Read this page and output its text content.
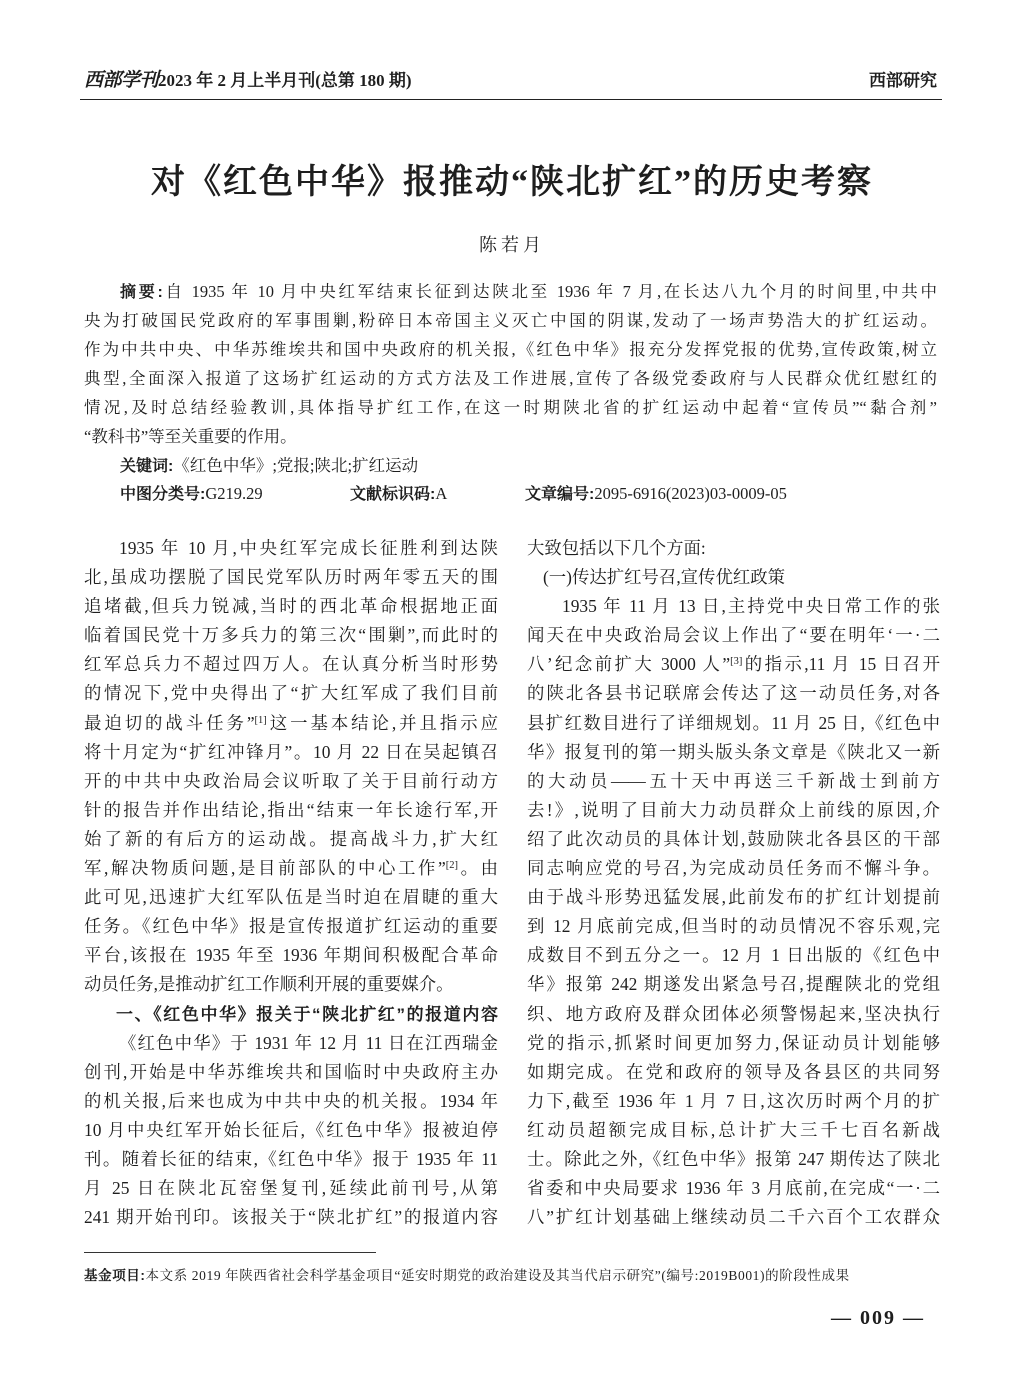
西部学刊2023 年 2 月上半月刊(总第 180 期)	西部研究
对《红色中华》报推动“陕北扩红”的历史考察
陈若月
摘要:自 1935 年 10 月中央红军结束长征到达陕北至 1936 年 7 月,在长达八九个月的时间里,中共中
央为打破国民党政府的军事围剿,粉碎日本帝国主义灭亡中国的阴谋,发动了一场声势浩大的扩红运动。
作为中共中央、中华苏维埃共和国中央政府的机关报,《红色中华》报充分发挥党报的优势,宣传政策,树立
典型,全面深入报道了这场扩红运动的方式方法及工作进展,宣传了各级党委政府与人民群众优红慰红的
情况,及时总结经验教训,具体指导扩红工作,在这一时期陕北省的扩红运动中起着“宣传员”“黏合剂”
“教科书”等至关重要的作用。
关键词:《红色中华》;党报;陕北;扩红运动
中图分类号:G219.29	文献标识码:A	文章编号:2095-6916(2023)03-0009-05
1935 年 10 月,中央红军完成长征胜利到达陕
北,虽成功摆脱了国民党军队历时两年零五天的围
追堵截,但兵力锐减,当时的西北革命根据地正面
临着国民党十万多兵力的第三次“围剿”,而此时的
红军总兵力不超过四万人。在认真分析当时形势
的情况下,党中央得出了“扩大红军成了我们目前
最迫切的战斗任务”[1]这一基本结论,并且指示应
将十月定为“扩红冲锋月”。10 月 22 日在吴起镇召
开的中共中央政治局会议听取了关于目前行动方
针的报告并作出结论,指出“结束一年长途行军,开
始了新的有后方的运动战。提高战斗力,扩大红
军,解决物质问题,是目前部队的中心工作”[2]。由
此可见,迅速扩大红军队伍是当时迫在眉睫的重大
任务。《红色中华》报是宣传报道扩红运动的重要
平台,该报在 1935 年至 1936 年期间积极配合革命
动员任务,是推动扩红工作顺利开展的重要媒介。
一、《红色中华》报关于“陕北扩红”的报道内容
《红色中华》于 1931 年 12 月 11 日在江西瑞金
创刊,开始是中华苏维埃共和国临时中央政府主办
的机关报,后来也成为中共中央的机关报。1934 年
10 月中央红军开始长征后,《红色中华》报被迫停
刊。随着长征的结束,《红色中华》报于 1935 年 11
月 25 日在陕北瓦窑堡复刊,延续此前刊号,从第
241 期开始刊印。该报关于“陕北扩红”的报道内容
大致包括以下几个方面:
(一)传达扩红号召,宣传优红政策
1935 年 11 月 13 日,主持党中央日常工作的张
闻天在中央政治局会议上作出了“要在明年‘一·二
八’纪念前扩大 3000 人”[3]的指示,11 月 15 日召开
的陕北各县书记联席会传达了这一动员任务,对各
县扩红数目进行了详细规划。11 月 25 日,《红色中
华》报复刊的第一期头版头条文章是《陕北又一新
的大动员——五十天中再送三千新战士到前方
去!》,说明了目前大力动员群众上前线的原因,介
绍了此次动员的具体计划,鼓励陕北各县区的干部
同志响应党的号召,为完成动员任务而不懈斗争。
由于战斗形势迅猛发展,此前发布的扩红计划提前
到 12 月底前完成,但当时的动员情况不容乐观,完
成数目不到五分之一。12 月 1 日出版的《红色中
华》报第 242 期遂发出紧急号召,提醒陕北的党组
织、地方政府及群众团体必须警惕起来,坚决执行
党的指示,抓紧时间更加努力,保证动员计划能够
如期完成。在党和政府的领导及各县区的共同努
力下,截至 1936 年 1 月 7 日,这次历时两个月的扩
红动员超额完成目标,总计扩大三千七百名新战
士。除此之外,《红色中华》报第 247 期传达了陕北
省委和中央局要求 1936 年 3 月底前,在完成“一·二
八”扩红计划基础上继续动员二千六百个工农群众
基金项目:本文系 2019 年陕西省社会科学基金项目“延安时期党的政治建设及其当代启示研究”(编号:2019B001)的阶段性成果
— 009 —
